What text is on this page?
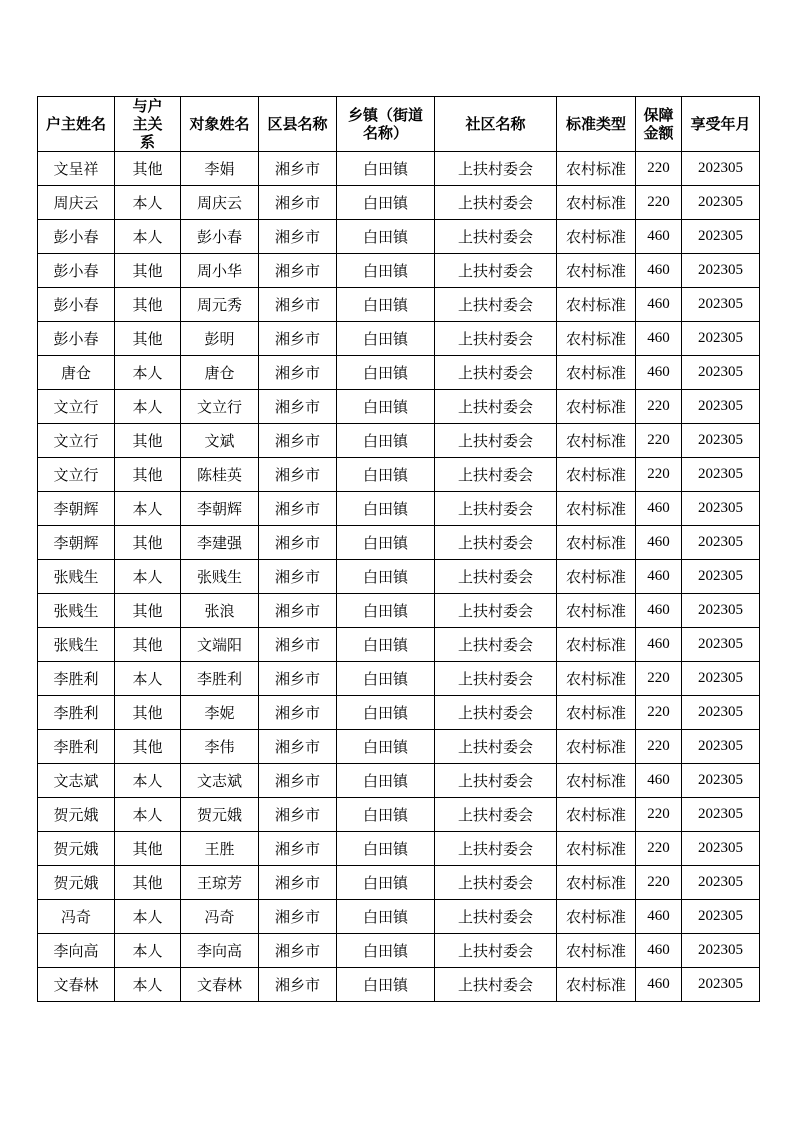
户主姓名	与户主关系	对象姓名	区县名称	乡镇（街道名称）	社区名称	标准类型	保障金额	享受年月
文呈祥	其他	李娟	湘乡市	白田镇	上扶村委会	农村标准	220	202305
周庆云	本人	周庆云	湘乡市	白田镇	上扶村委会	农村标准	220	202305
彭小春	本人	彭小春	湘乡市	白田镇	上扶村委会	农村标准	460	202305
彭小春	其他	周小华	湘乡市	白田镇	上扶村委会	农村标准	460	202305
彭小春	其他	周元秀	湘乡市	白田镇	上扶村委会	农村标准	460	202305
彭小春	其他	彭明	湘乡市	白田镇	上扶村委会	农村标准	460	202305
唐仓	本人	唐仓	湘乡市	白田镇	上扶村委会	农村标准	460	202305
文立行	本人	文立行	湘乡市	白田镇	上扶村委会	农村标准	220	202305
文立行	其他	文斌	湘乡市	白田镇	上扶村委会	农村标准	220	202305
文立行	其他	陈桂英	湘乡市	白田镇	上扶村委会	农村标准	220	202305
李朝辉	本人	李朝辉	湘乡市	白田镇	上扶村委会	农村标准	460	202305
李朝辉	其他	李建强	湘乡市	白田镇	上扶村委会	农村标准	460	202305
张贱生	本人	张贱生	湘乡市	白田镇	上扶村委会	农村标准	460	202305
张贱生	其他	张浪	湘乡市	白田镇	上扶村委会	农村标准	460	202305
张贱生	其他	文端阳	湘乡市	白田镇	上扶村委会	农村标准	460	202305
李胜利	本人	李胜利	湘乡市	白田镇	上扶村委会	农村标准	220	202305
李胜利	其他	李妮	湘乡市	白田镇	上扶村委会	农村标准	220	202305
李胜利	其他	李伟	湘乡市	白田镇	上扶村委会	农村标准	220	202305
文志斌	本人	文志斌	湘乡市	白田镇	上扶村委会	农村标准	460	202305
贺元娥	本人	贺元娥	湘乡市	白田镇	上扶村委会	农村标准	220	202305
贺元娥	其他	王胜	湘乡市	白田镇	上扶村委会	农村标准	220	202305
贺元娥	其他	王琼芳	湘乡市	白田镇	上扶村委会	农村标准	220	202305
冯奇	本人	冯奇	湘乡市	白田镇	上扶村委会	农村标准	460	202305
李向高	本人	李向高	湘乡市	白田镇	上扶村委会	农村标准	460	202305
文春林	本人	文春林	湘乡市	白田镇	上扶村委会	农村标准	460	202305
